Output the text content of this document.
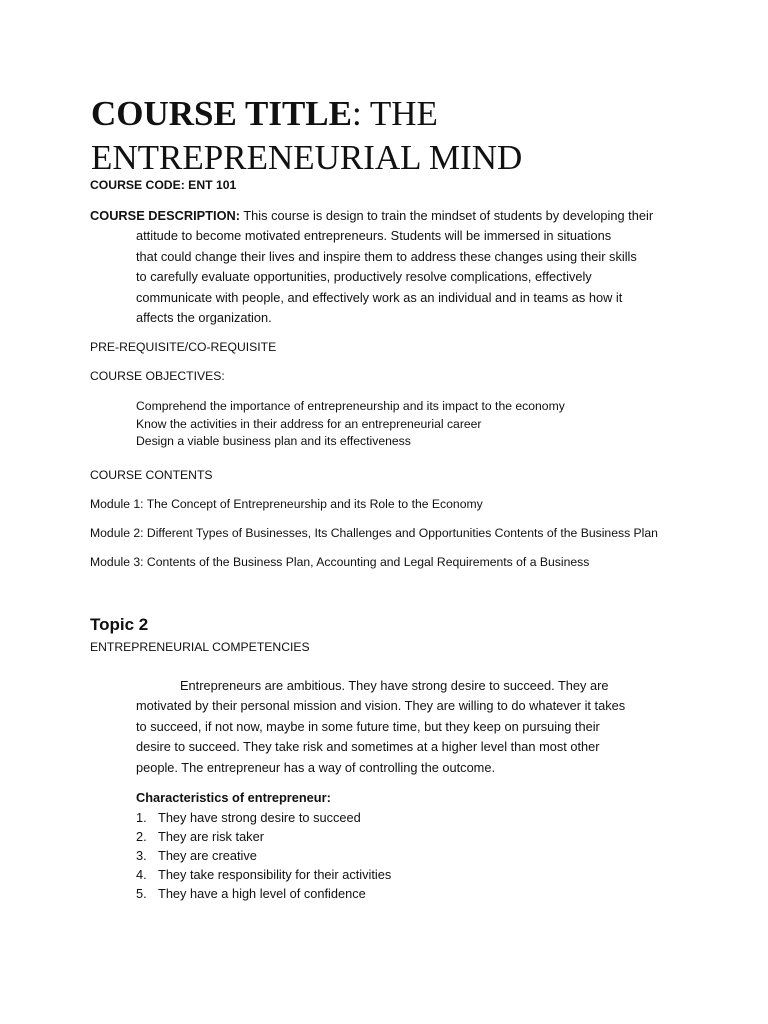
COURSE TITLE: THE
ENTREPRENEURIAL MIND
COURSE CODE: ENT 101
COURSE DESCRIPTION: This course is design to train the mindset of students by developing their
attitude to become motivated entrepreneurs. Students will be immersed in situations
that could change their lives and inspire them to address these changes using their skills
to carefully evaluate opportunities, productively resolve complications, effectively
communicate with people, and effectively work as an individual and in teams as how it
affects the organization.
PRE-REQUISITE/CO-REQUISITE
COURSE OBJECTIVES:
Comprehend the importance of entrepreneurship and its impact to the economy
Know the activities in their address for an entrepreneurial career
Design a viable business plan and its effectiveness
COURSE CONTENTS
Module 1: The Concept of Entrepreneurship and its Role to the Economy
Module 2: Different Types of Businesses, Its Challenges and Opportunities Contents of the Business Plan
Module 3: Contents of the Business Plan, Accounting and Legal Requirements of a Business
Topic 2
ENTREPRENEURIAL COMPETENCIES
Entrepreneurs are ambitious. They have strong desire to succeed. They are
motivated by their personal mission and vision. They are willing to do whatever it takes
to succeed, if not now, maybe in some future time, but they keep on pursuing their
desire to succeed. They take risk and sometimes at a higher level than most other
people. The entrepreneur has a way of controlling the outcome.
Characteristics of entrepreneur:
1. They have strong desire to succeed
2. They are risk taker
3. They are creative
4. They take responsibility for their activities
5. They have a high level of confidence
